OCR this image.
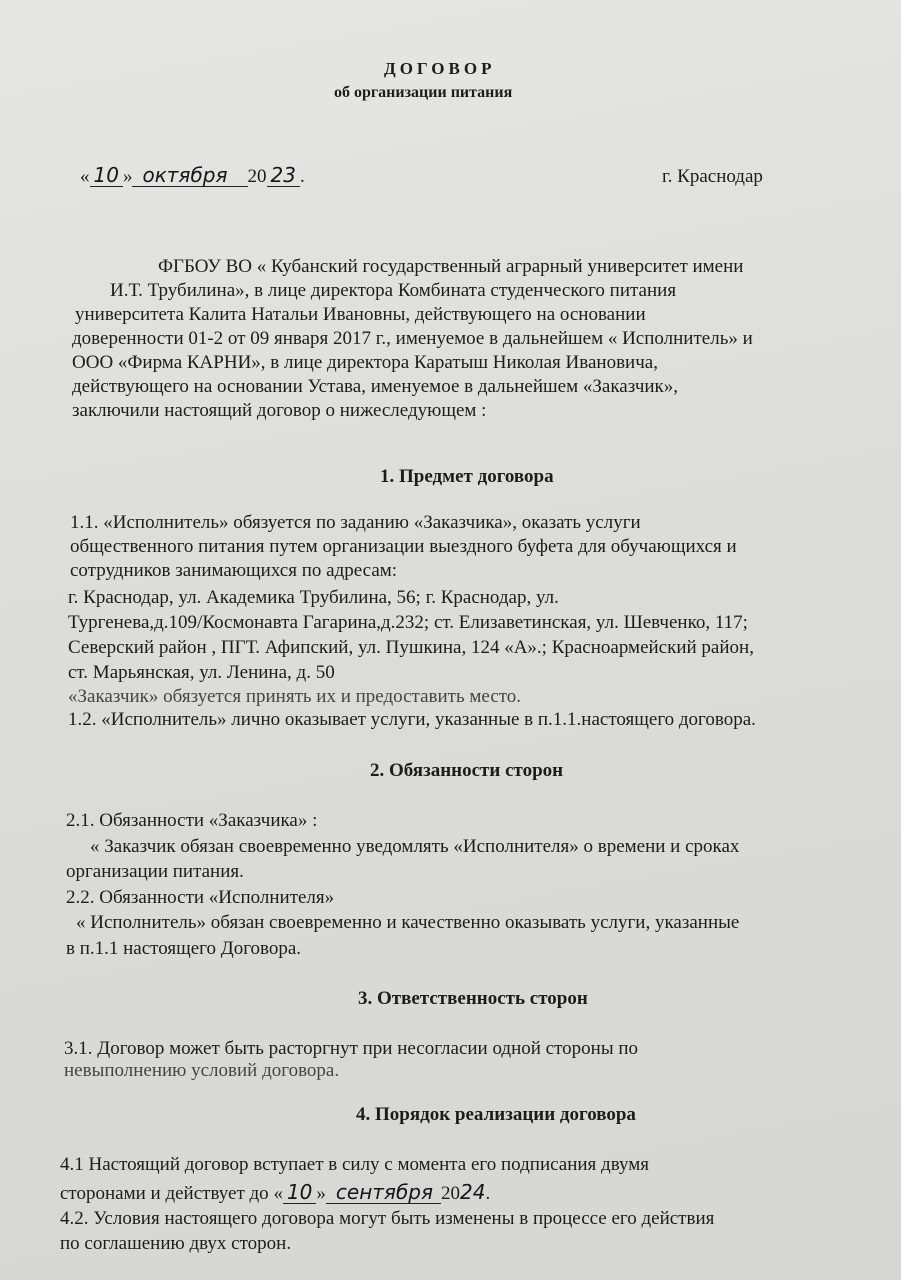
ДОГОВОР
об организации питания
« 10 » октября 20 23 .	г. Краснодар
ФГБОУ ВО « Кубанский государственный аграрный университет имени
И.Т. Трубилина», в лице директора Комбината студенческого питания
университета Калита Натальи Ивановны, действующего на основании
доверенности 01-2 от 09 января 2017 г., именуемое в дальнейшем « Исполнитель» и
ООО «Фирма КАРНИ», в лице директора Каратыш Николая Ивановича,
действующего на основании Устава, именуемое в дальнейшем «Заказчик»,
заключили настоящий договор о нижеследующем :
1. Предмет договора
1.1. «Исполнитель» обязуется по заданию «Заказчика», оказать услуги
общественного питания путем организации выездного буфета для обучающихся и
сотрудников занимающихся по адресам:
г. Краснодар, ул. Академика Трубилина, 56; г. Краснодар, ул.
Тургенева,д.109/Космонавта Гагарина,д.232; ст. Елизаветинская, ул. Шевченко, 117;
Северский район , ПГТ. Афипский, ул. Пушкина, 124 «А».; Красноармейский район,
ст. Марьянская, ул. Ленина, д. 50
«Заказчик» обязуется принять их и предоставить место.
1.2. «Исполнитель» лично оказывает услуги, указанные в п.1.1.настоящего договора.
2. Обязанности сторон
2.1. Обязанности «Заказчика» :
« Заказчик обязан своевременно уведомлять «Исполнителя» о времени и сроках
организации питания.
2.2. Обязанности «Исполнителя»
« Исполнитель» обязан своевременно и качественно оказывать услуги, указанные
в п.1.1 настоящего Договора.
3. Ответственность сторон
3.1. Договор может быть расторгнут при несогласии одной стороны по
невыполнению условий договора.
4. Порядок реализации договора
4.1 Настоящий договор вступает в силу с момента его подписания двумя
сторонами и действует до « 10 » сентября 2024.
4.2. Условия настоящего договора могут быть изменены в процессе его действия
по соглашению двух сторон.
